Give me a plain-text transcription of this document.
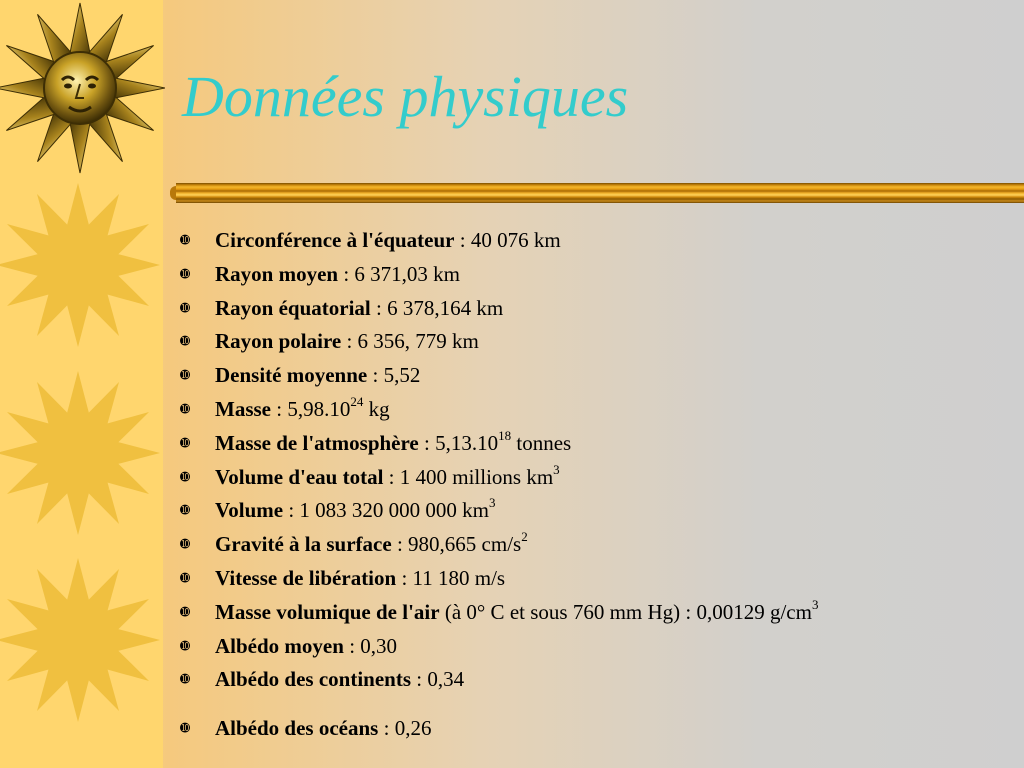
Données physiques
➓ Circonférence à l'équateur : 40 076 km
➓ Rayon moyen : 6 371,03 km
➓ Rayon équatorial : 6 378,164 km
➓ Rayon polaire : 6 356, 779 km
➓ Densité moyenne : 5,52
➓ Masse : 5,98.10$^{24}$ kg
➓ Masse de l'atmosphère : 5,13.10$^{18}$ tonnes
➓ Volume d'eau total : 1 400 millions $km^3$
➓ Volume : 1 083 320 000 000 $km^3$
➓ Gravité à la surface : 980,665 $cm/s^2$
➓ Vitesse de libération : 11 180 m/s
➓ Masse volumique de l'air (à 0° C et sous 760 mm Hg) : 0,00129 $g/cm^3$
➓ Albédo moyen : 0,30
➓ Albédo des continents : 0,34
➓ Albédo des océans : 0,26
